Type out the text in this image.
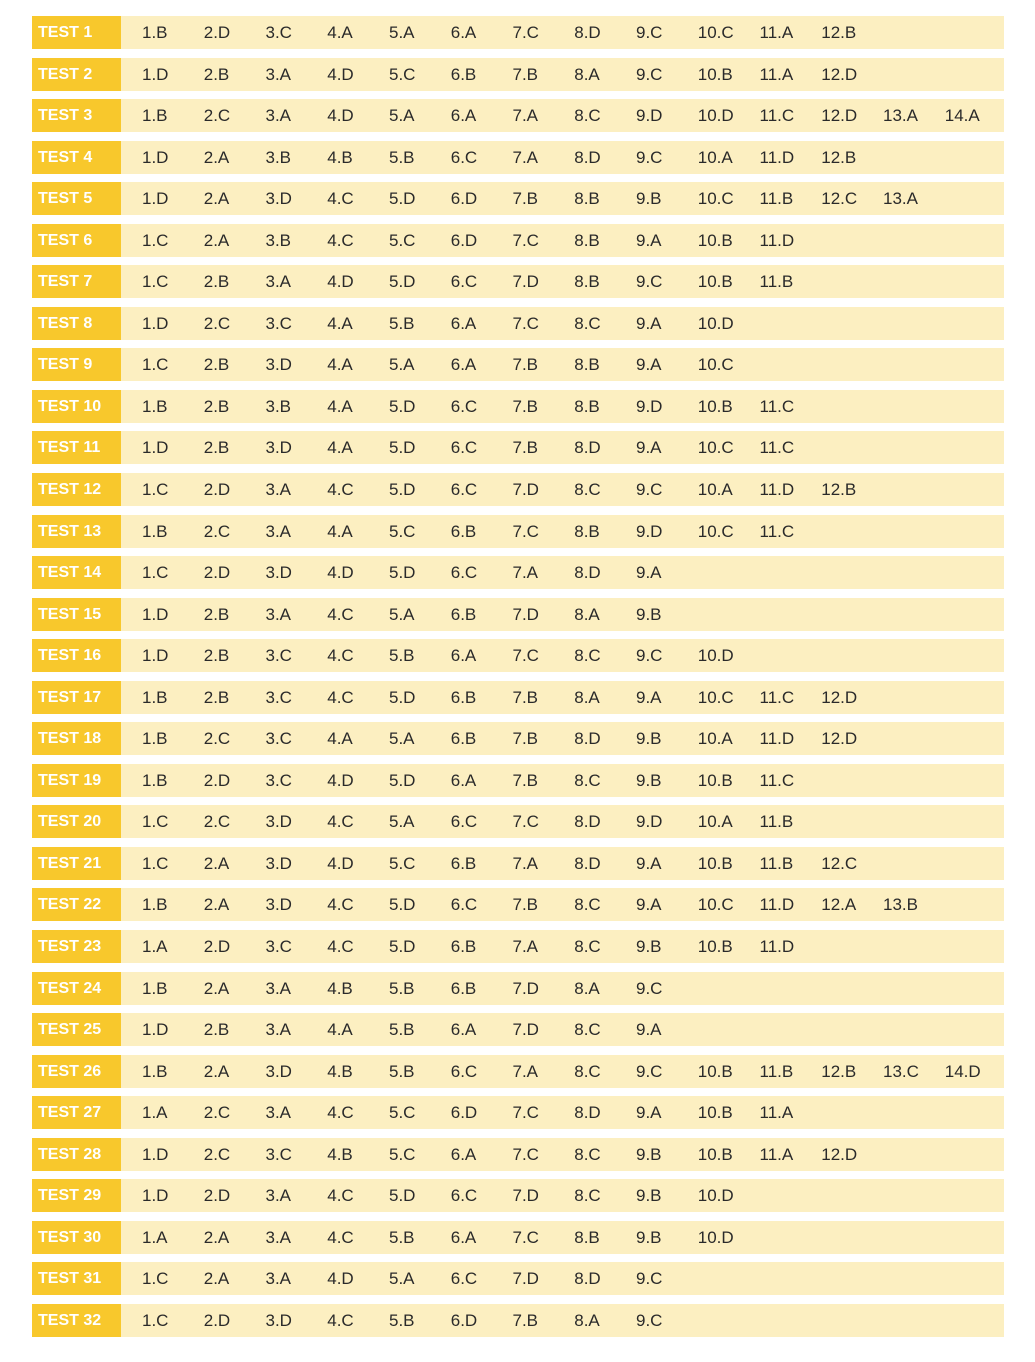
TEST 1	1.B 2.D 3.C 4.A 5.A 6.A 7.C 8.D 9.C 10.C 11.A 12.B
TEST 2	1.D 2.B 3.A 4.D 5.C 6.B 7.B 8.A 9.C 10.B 11.A 12.D
TEST 3	1.B 2.C 3.A 4.D 5.A 6.A 7.A 8.C 9.D 10.D 11.C 12.D 13.A 14.A
TEST 4	1.D 2.A 3.B 4.B 5.B 6.C 7.A 8.D 9.C 10.A 11.D 12.B
TEST 5	1.D 2.A 3.D 4.C 5.D 6.D 7.B 8.B 9.B 10.C 11.B 12.C 13.A
TEST 6	1.C 2.A 3.B 4.C 5.C 6.D 7.C 8.B 9.A 10.B 11.D
TEST 7	1.C 2.B 3.A 4.D 5.D 6.C 7.D 8.B 9.C 10.B 11.B
TEST 8	1.D 2.C 3.C 4.A 5.B 6.A 7.C 8.C 9.A 10.D
TEST 9	1.C 2.B 3.D 4.A 5.A 6.A 7.B 8.B 9.A 10.C
TEST 10	1.B 2.B 3.B 4.A 5.D 6.C 7.B 8.B 9.D 10.B 11.C
TEST 11	1.D 2.B 3.D 4.A 5.D 6.C 7.B 8.D 9.A 10.C 11.C
TEST 12	1.C 2.D 3.A 4.C 5.D 6.C 7.D 8.C 9.C 10.A 11.D 12.B
TEST 13	1.B 2.C 3.A 4.A 5.C 6.B 7.C 8.B 9.D 10.C 11.C
TEST 14	1.C 2.D 3.D 4.D 5.D 6.C 7.A 8.D 9.A
TEST 15	1.D 2.B 3.A 4.C 5.A 6.B 7.D 8.A 9.B
TEST 16	1.D 2.B 3.C 4.C 5.B 6.A 7.C 8.C 9.C 10.D
TEST 17	1.B 2.B 3.C 4.C 5.D 6.B 7.B 8.A 9.A 10.C 11.C 12.D
TEST 18	1.B 2.C 3.C 4.A 5.A 6.B 7.B 8.D 9.B 10.A 11.D 12.D
TEST 19	1.B 2.D 3.C 4.D 5.D 6.A 7.B 8.C 9.B 10.B 11.C
TEST 20	1.C 2.C 3.D 4.C 5.A 6.C 7.C 8.D 9.D 10.A 11.B
TEST 21	1.C 2.A 3.D 4.D 5.C 6.B 7.A 8.D 9.A 10.B 11.B 12.C
TEST 22	1.B 2.A 3.D 4.C 5.D 6.C 7.B 8.C 9.A 10.C 11.D 12.A 13.B
TEST 23	1.A 2.D 3.C 4.C 5.D 6.B 7.A 8.C 9.B 10.B 11.D
TEST 24	1.B 2.A 3.A 4.B 5.B 6.B 7.D 8.A 9.C
TEST 25	1.D 2.B 3.A 4.A 5.B 6.A 7.D 8.C 9.A
TEST 26	1.B 2.A 3.D 4.B 5.B 6.C 7.A 8.C 9.C 10.B 11.B 12.B 13.C 14.D
TEST 27	1.A 2.C 3.A 4.C 5.C 6.D 7.C 8.D 9.A 10.B 11.A
TEST 28	1.D 2.C 3.C 4.B 5.C 6.A 7.C 8.C 9.B 10.B 11.A 12.D
TEST 29	1.D 2.D 3.A 4.C 5.D 6.C 7.D 8.C 9.B 10.D
TEST 30	1.A 2.A 3.A 4.C 5.B 6.A 7.C 8.B 9.B 10.D
TEST 31	1.C 2.A 3.A 4.D 5.A 6.C 7.D 8.D 9.C
TEST 32	1.C 2.D 3.D 4.C 5.B 6.D 7.B 8.A 9.C
